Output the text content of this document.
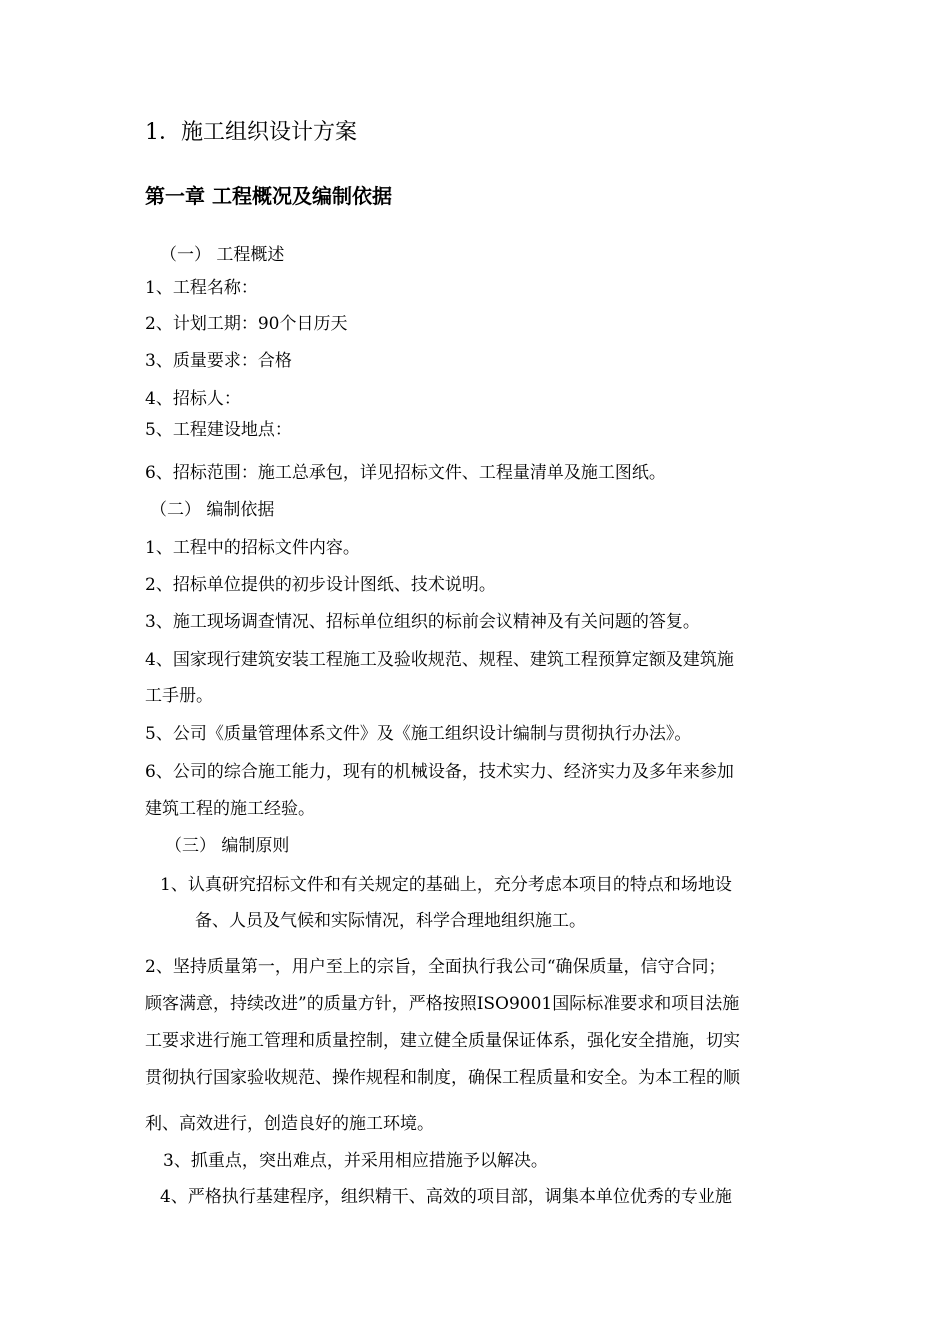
1．施工组织设计方案
第一章 工程概况及编制依据
（一） 工程概述
1、工程名称：
2、计划工期：90个日历天
3、质量要求：合格
4、招标人：
5、工程建设地点：
6、招标范围：施工总承包，详见招标文件、工程量清单及施工图纸。
（二） 编制依据
1、工程中的招标文件内容。
2、招标单位提供的初步设计图纸、技术说明。
3、施工现场调查情况、招标单位组织的标前会议精神及有关问题的答复。
4、国家现行建筑安装工程施工及验收规范、规程、建筑工程预算定额及建筑施
工手册。
5、公司《质量管理体系文件》及《施工组织设计编制与贯彻执行办法》。
6、公司的综合施工能力，现有的机械设备，技术实力、经济实力及多年来参加
建筑工程的施工经验。
（三） 编制原则
1、认真研究招标文件和有关规定的基础上，充分考虑本项目的特点和场地设
备、人员及气候和实际情况，科学合理地组织施工。
2、坚持质量第一，用户至上的宗旨，全面执行我公司“确保质量，信守合同；
顾客满意，持续改进”的质量方针，严格按照ISO9001国际标准要求和项目法施
工要求进行施工管理和质量控制，建立健全质量保证体系，强化安全措施，切实
贯彻执行国家验收规范、操作规程和制度，确保工程质量和安全。为本工程的顺
利、高效进行，创造良好的施工环境。
3、抓重点，突出难点，并采用相应措施予以解决。
4、严格执行基建程序，组织精干、高效的项目部，调集本单位优秀的专业施
